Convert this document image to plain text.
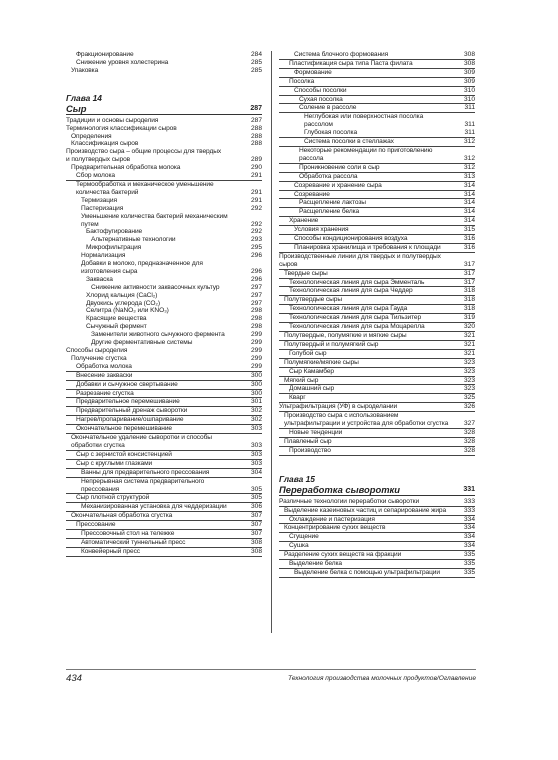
Фракционирование	284
Снижение уровня холестерина	285
Упаковка	285
Глава 14
Сыр	287
Традиции и основы сыроделия	287
Терминология классификации сыров	288
Определения	288
Классификация сыров	288
Производство сыра – общие процессы для твердых
и полутвердых сыров	289
Предварительная обработка молока	290
Сбор молока	291
Термообработка и механическое уменьшение
количества бактерий	291
Термизация	291
Пастеризация	292
Уменьшение количества бактерий механическим
путем	292
Бактофугирование	292
Альтернативные технологии	293
Микрофильтрация	295
Нормализация	296
Добавки в молоко, предназначенное для
изготовления сыра	296
Закваска	296
Снижение активности заквасочных культур	297
Хлорид кальция (CaCl₂)	297
Двуокись углерода (CO₂)	297
Селитра (NaNO₃ или KNO₃)	298
Красящие вещества	298
Сычужный фермент	298
Заменители животного сычужного фермента	299
Другие ферментативные системы	299
Способы сыроделия	299
Получение сгустка	299
Обработка молока	299
Внесение закваски	300
Добавки и сычужное свертывание	300
Разрезание сгустка	300
Предварительное перемешивание	301
Предварительный дренаж сыворотки	302
Нагрев/пропаривание/ошпаривание	302
Окончательное перемешивание	303
Окончательное удаление сыворотки и способы
обработки сгустка	303
Сыр с зернистой консистенцией	303
Сыр с круглыми глазками	303
Ванны для предварительного прессования	304
Непрерывная система предварительного
прессования	305
Сыр плотной структурой	305
Механизированная установка для чеддеризации	306
Окончательная обработка сгустка	307
Прессование	307
Прессовочный стол на тележке	307
Автоматический туннельный пресс	308
Конвейерный пресс	308
Система блочного формования	308
Пластификация сыра типа Паста филата	308
Формование	309
Посолка	309
Способы посолки	310
Сухая посолка	310
Соление в рассоле	311
Неглубокая или поверхностная посолка
рассолом	311
Глубокая посолка	311
Система посолки в стеллажах	312
Некоторые рекомендации по приготовлению
рассола	312
Проникновение соли в сыр	312
Обработка рассола	313
Созревание и хранение сыра	314
Созревание	314
Расщепление лактозы	314
Расщепление белка	314
Хранение	314
Условия хранения	315
Способы кондиционирования воздуха	316
Планировка хранилища и требования к площади	316
Производственные линии для твердых и полутвердых
сыров	317
Твердые сыры	317
Технологическая линия для сыра Эмменталь	317
Технологическая линия для сыра Чеддер	318
Полутвердые сыры	318
Технологическая линия для сыра Гауда	318
Технологическая линия для сыра Тильзитер	319
Технологическая линия для сыра Моцарелла	320
Полутвердые, полумягкие и мягкие сыры	321
Полутвердый и полумягкий сыр	321
Голубой сыр	321
Полумягкие/мягкие сыры	323
Сыр Камамбер	323
Мягкий сыр	323
Домашний сыр	323
Кварг	325
Ультрафильтрация (УФ) в сыроделании	326
Производство сыра с использованием
ультрафильтрации и устройства для обработки сгустка	327
Новые тенденции	328
Плавленый сыр	328
Производство	328
Глава 15
Переработка сыворотки	331
Различные технологии переработки сыворотки	333
Выделение казеиновых частиц и сепарирование жира	333
Охлаждение и пастеризация	334
Концентрирование сухих веществ	334
Сгущение	334
Сушка	334
Разделение сухих веществ на фракции	335
Выделение белка	335
Выделение белка с помощью ультрафильтрации	335
434	Технология производства молочных продуктов/Оглавление
